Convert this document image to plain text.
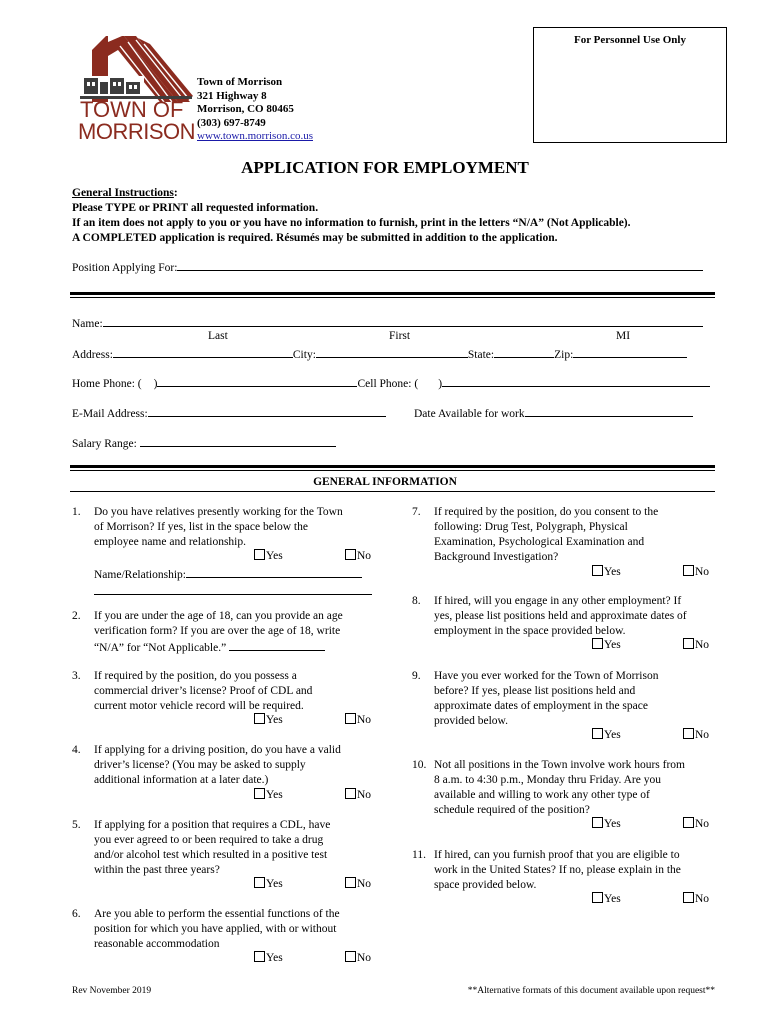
For Personnel Use Only
TOWN OF
MORRISON
Town of Morrison
321 Highway 8
Morrison, CO 80465
(303) 697-8749
www.town.morrison.co.us
APPLICATION FOR EMPLOYMENT
General Instructions:
Please TYPE or PRINT all requested information.
If an item does not apply to you or you have no information to furnish, print in the letters “N/A” (Not Applicable).
A COMPLETED application is required. Résumés may be submitted in addition to the application.
Position Applying For:
Name:
Last	First	MI
Address:	City:	State:	Zip:
Home Phone: ( )	Cell Phone: ( )
E-Mail Address:	Date Available for work
Salary Range:
GENERAL INFORMATION
1. Do you have relatives presently working for the Town
of Morrison? If yes, list in the space below the
employee name and relationship.
Yes	No
Name/Relationship:
2. If you are under the age of 18, can you provide an age
verification form? If you are over the age of 18, write
“N/A” for “Not Applicable.”
3. If required by the position, do you possess a
commercial driver’s license? Proof of CDL and
current motor vehicle record will be required.
Yes	No
4. If applying for a driving position, do you have a valid
driver’s license? (You may be asked to supply
additional information at a later date.)
Yes	No
5. If applying for a position that requires a CDL, have
you ever agreed to or been required to take a drug
and/or alcohol test which resulted in a positive test
within the past three years?
Yes	No
6. Are you able to perform the essential functions of the
position for which you have applied, with or without
reasonable accommodation
Yes	No
7. If required by the position, do you consent to the
following: Drug Test, Polygraph, Physical
Examination, Psychological Examination and
Background Investigation?
Yes	No
8. If hired, will you engage in any other employment? If
yes, please list positions held and approximate dates of
employment in the space provided below.
Yes	No
9. Have you ever worked for the Town of Morrison
before? If yes, please list positions held and
approximate dates of employment in the space
provided below.
Yes	No
10. Not all positions in the Town involve work hours from
8 a.m. to 4:30 p.m., Monday thru Friday. Are you
available and willing to work any other type of
schedule required of the position?
Yes	No
11. If hired, can you furnish proof that you are eligible to
work in the United States? If no, please explain in the
space provided below.
Yes	No
Rev November 2019	**Alternative formats of this document available upon request**
